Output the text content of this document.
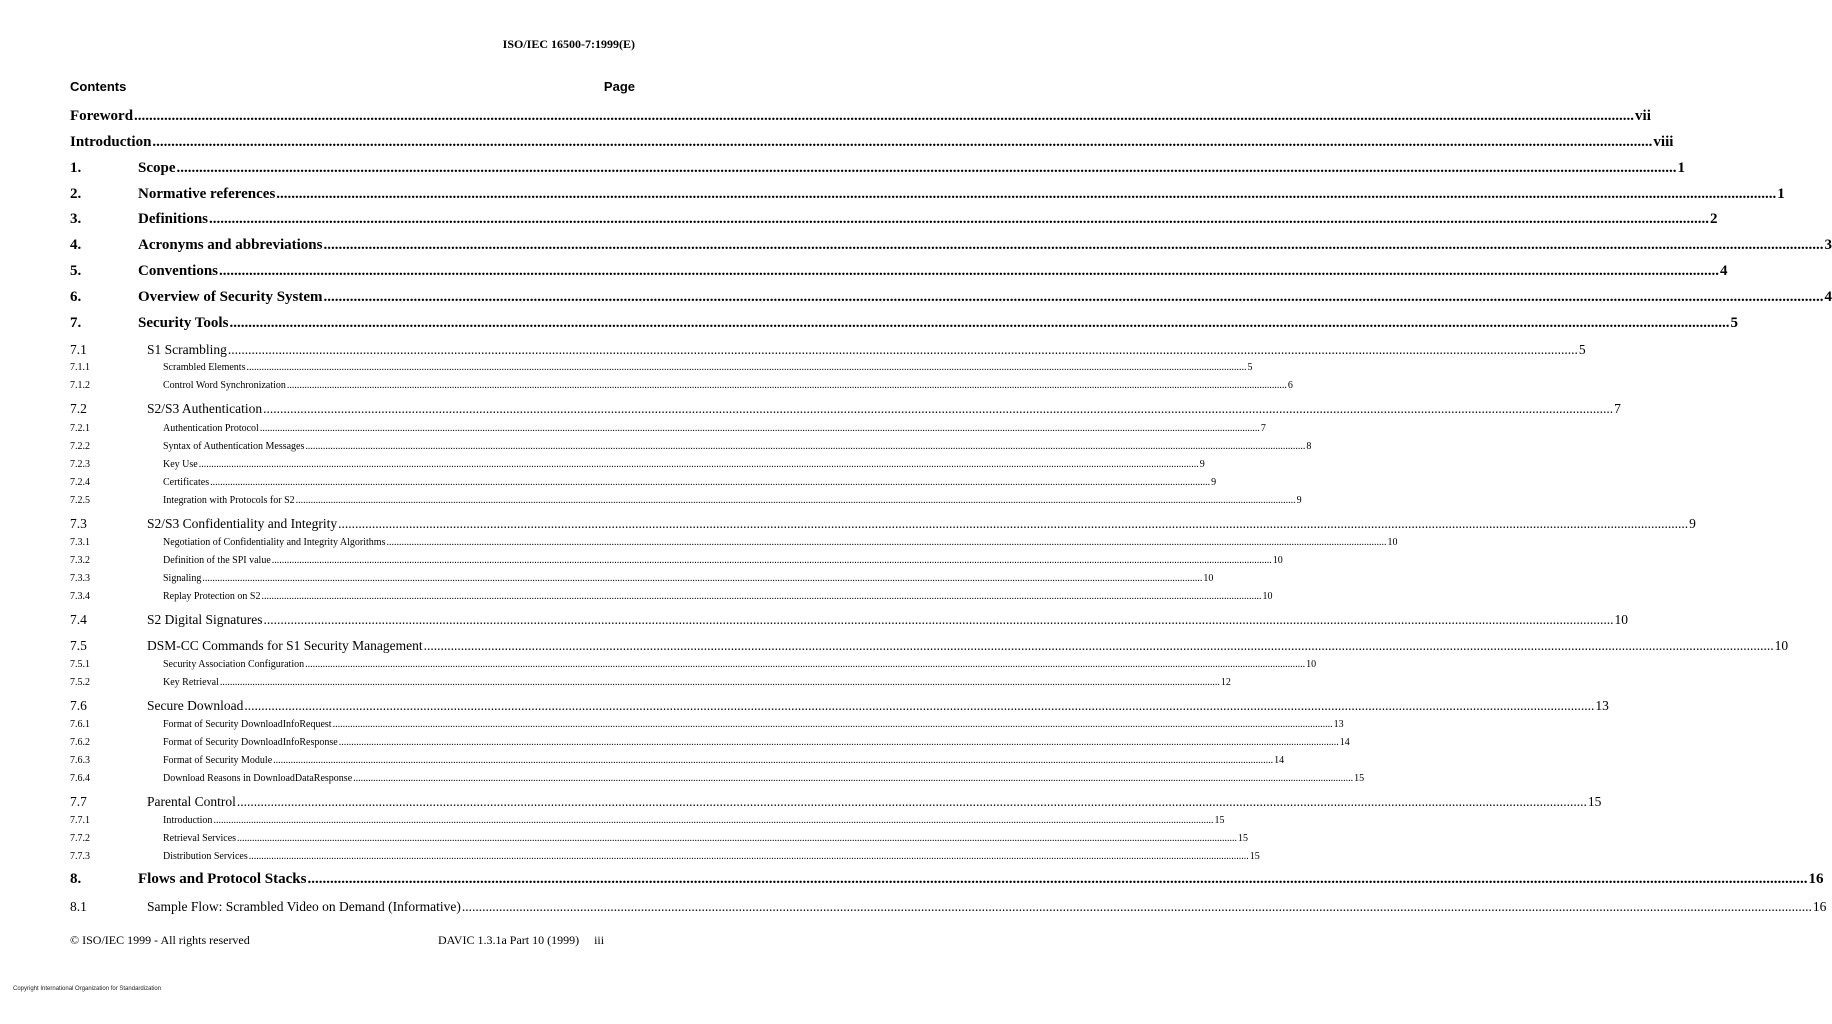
ISO/IEC 16500-7:1999(E)
Contents	Page
Foreword ................................................................................................................................................................................................................................................................................................................................................................................................................ vii
Introduction ................................................................................................................................................................................................................................................................................................................................................................................................................ viii
1.	Scope ................................................................................................................................................................................................................................................................................................................................................................................................................ 1
2.	Normative references ................................................................................................................................................................................................................................................................................................................................................................................................................ 1
3.	Definitions ................................................................................................................................................................................................................................................................................................................................................................................................................ 2
4.	Acronyms and abbreviations ................................................................................................................................................................................................................................................................................................................................................................................................................ 3
5.	Conventions ................................................................................................................................................................................................................................................................................................................................................................................................................ 4
6.	Overview of Security System ................................................................................................................................................................................................................................................................................................................................................................................................................ 4
7.	Security Tools ................................................................................................................................................................................................................................................................................................................................................................................................................ 5
7.1	S1 Scrambling ................................................................................................................................................................................................................................................................................................................................................................................................................ 5
7.1.1	Scrambled Elements ................................................................................................................................................................................................................................................................................................................................................................................................................ 5
7.1.2	Control Word Synchronization ................................................................................................................................................................................................................................................................................................................................................................................................................ 6
7.2	S2/S3 Authentication ................................................................................................................................................................................................................................................................................................................................................................................................................ 7
7.2.1	Authentication Protocol ................................................................................................................................................................................................................................................................................................................................................................................................................ 7
7.2.2	Syntax of Authentication Messages ................................................................................................................................................................................................................................................................................................................................................................................................................ 8
7.2.3	Key Use ................................................................................................................................................................................................................................................................................................................................................................................................................ 9
7.2.4	Certificates ................................................................................................................................................................................................................................................................................................................................................................................................................ 9
7.2.5	Integration with Protocols for S2 ................................................................................................................................................................................................................................................................................................................................................................................................................ 9
7.3	S2/S3 Confidentiality and Integrity ................................................................................................................................................................................................................................................................................................................................................................................................................ 9
7.3.1	Negotiation of Confidentiality and Integrity Algorithms ................................................................................................................................................................................................................................................................................................................................................................................................................ 10
7.3.2	Definition of the SPI value ................................................................................................................................................................................................................................................................................................................................................................................................................ 10
7.3.3	Signaling ................................................................................................................................................................................................................................................................................................................................................................................................................ 10
7.3.4	Replay Protection on S2 ................................................................................................................................................................................................................................................................................................................................................................................................................ 10
7.4	S2 Digital Signatures ................................................................................................................................................................................................................................................................................................................................................................................................................ 10
7.5	DSM-CC Commands for S1 Security Management ................................................................................................................................................................................................................................................................................................................................................................................................................ 10
7.5.1	Security Association Configuration ................................................................................................................................................................................................................................................................................................................................................................................................................ 10
7.5.2	Key Retrieval ................................................................................................................................................................................................................................................................................................................................................................................................................ 12
7.6	Secure Download ................................................................................................................................................................................................................................................................................................................................................................................................................ 13
7.6.1	Format of Security DownloadInfoRequest ................................................................................................................................................................................................................................................................................................................................................................................................................ 13
7.6.2	Format of Security DownloadInfoResponse ................................................................................................................................................................................................................................................................................................................................................................................................................ 14
7.6.3	Format of Security Module ................................................................................................................................................................................................................................................................................................................................................................................................................ 14
7.6.4	Download Reasons in DownloadDataResponse ................................................................................................................................................................................................................................................................................................................................................................................................................ 15
7.7	Parental Control ................................................................................................................................................................................................................................................................................................................................................................................................................ 15
7.7.1	Introduction ................................................................................................................................................................................................................................................................................................................................................................................................................ 15
7.7.2	Retrieval Services ................................................................................................................................................................................................................................................................................................................................................................................................................ 15
7.7.3	Distribution Services ................................................................................................................................................................................................................................................................................................................................................................................................................ 15
8.	Flows and Protocol Stacks ................................................................................................................................................................................................................................................................................................................................................................................................................ 16
8.1	Sample Flow: Scrambled Video on Demand (Informative) ................................................................................................................................................................................................................................................................................................................................................................................................................ 16
© ISO/IEC 1999 - All rights reserved	DAVIC 1.3.1a Part 10 (1999)     iii
Copyright International Organization for Standardization
